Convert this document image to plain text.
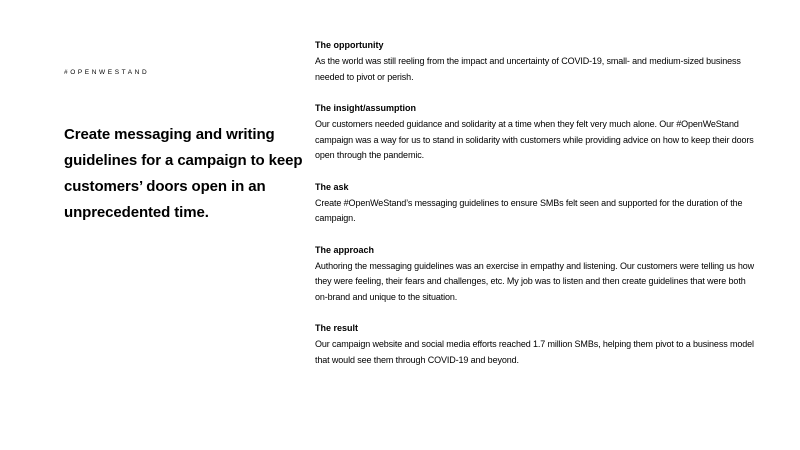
#OPENWESTAND
Create messaging and writing guidelines for a campaign to keep customers’ doors open in an unprecedented time.
The opportunity

As the world was still reeling from the impact and uncertainty of COVID-19, small- and medium-sized business needed to pivot or perish.

The insight/assumption

Our customers needed guidance and solidarity at a time when they felt very much alone. Our #OpenWeStand campaign was a way for us to stand in solidarity with customers while providing advice on how to keep their doors open through the pandemic.

The ask

Create #OpenWeStand’s messaging guidelines to ensure SMBs felt seen and supported for the duration of the campaign.

The approach

Authoring the messaging guidelines was an exercise in empathy and listening. Our customers were telling us how they were feeling, their fears and challenges, etc. My job was to listen and then create guidelines that were both on-brand and unique to the situation.

The result

Our campaign website and social media efforts reached 1.7 million SMBs, helping them pivot to a business model that would see them through COVID-19 and beyond.
